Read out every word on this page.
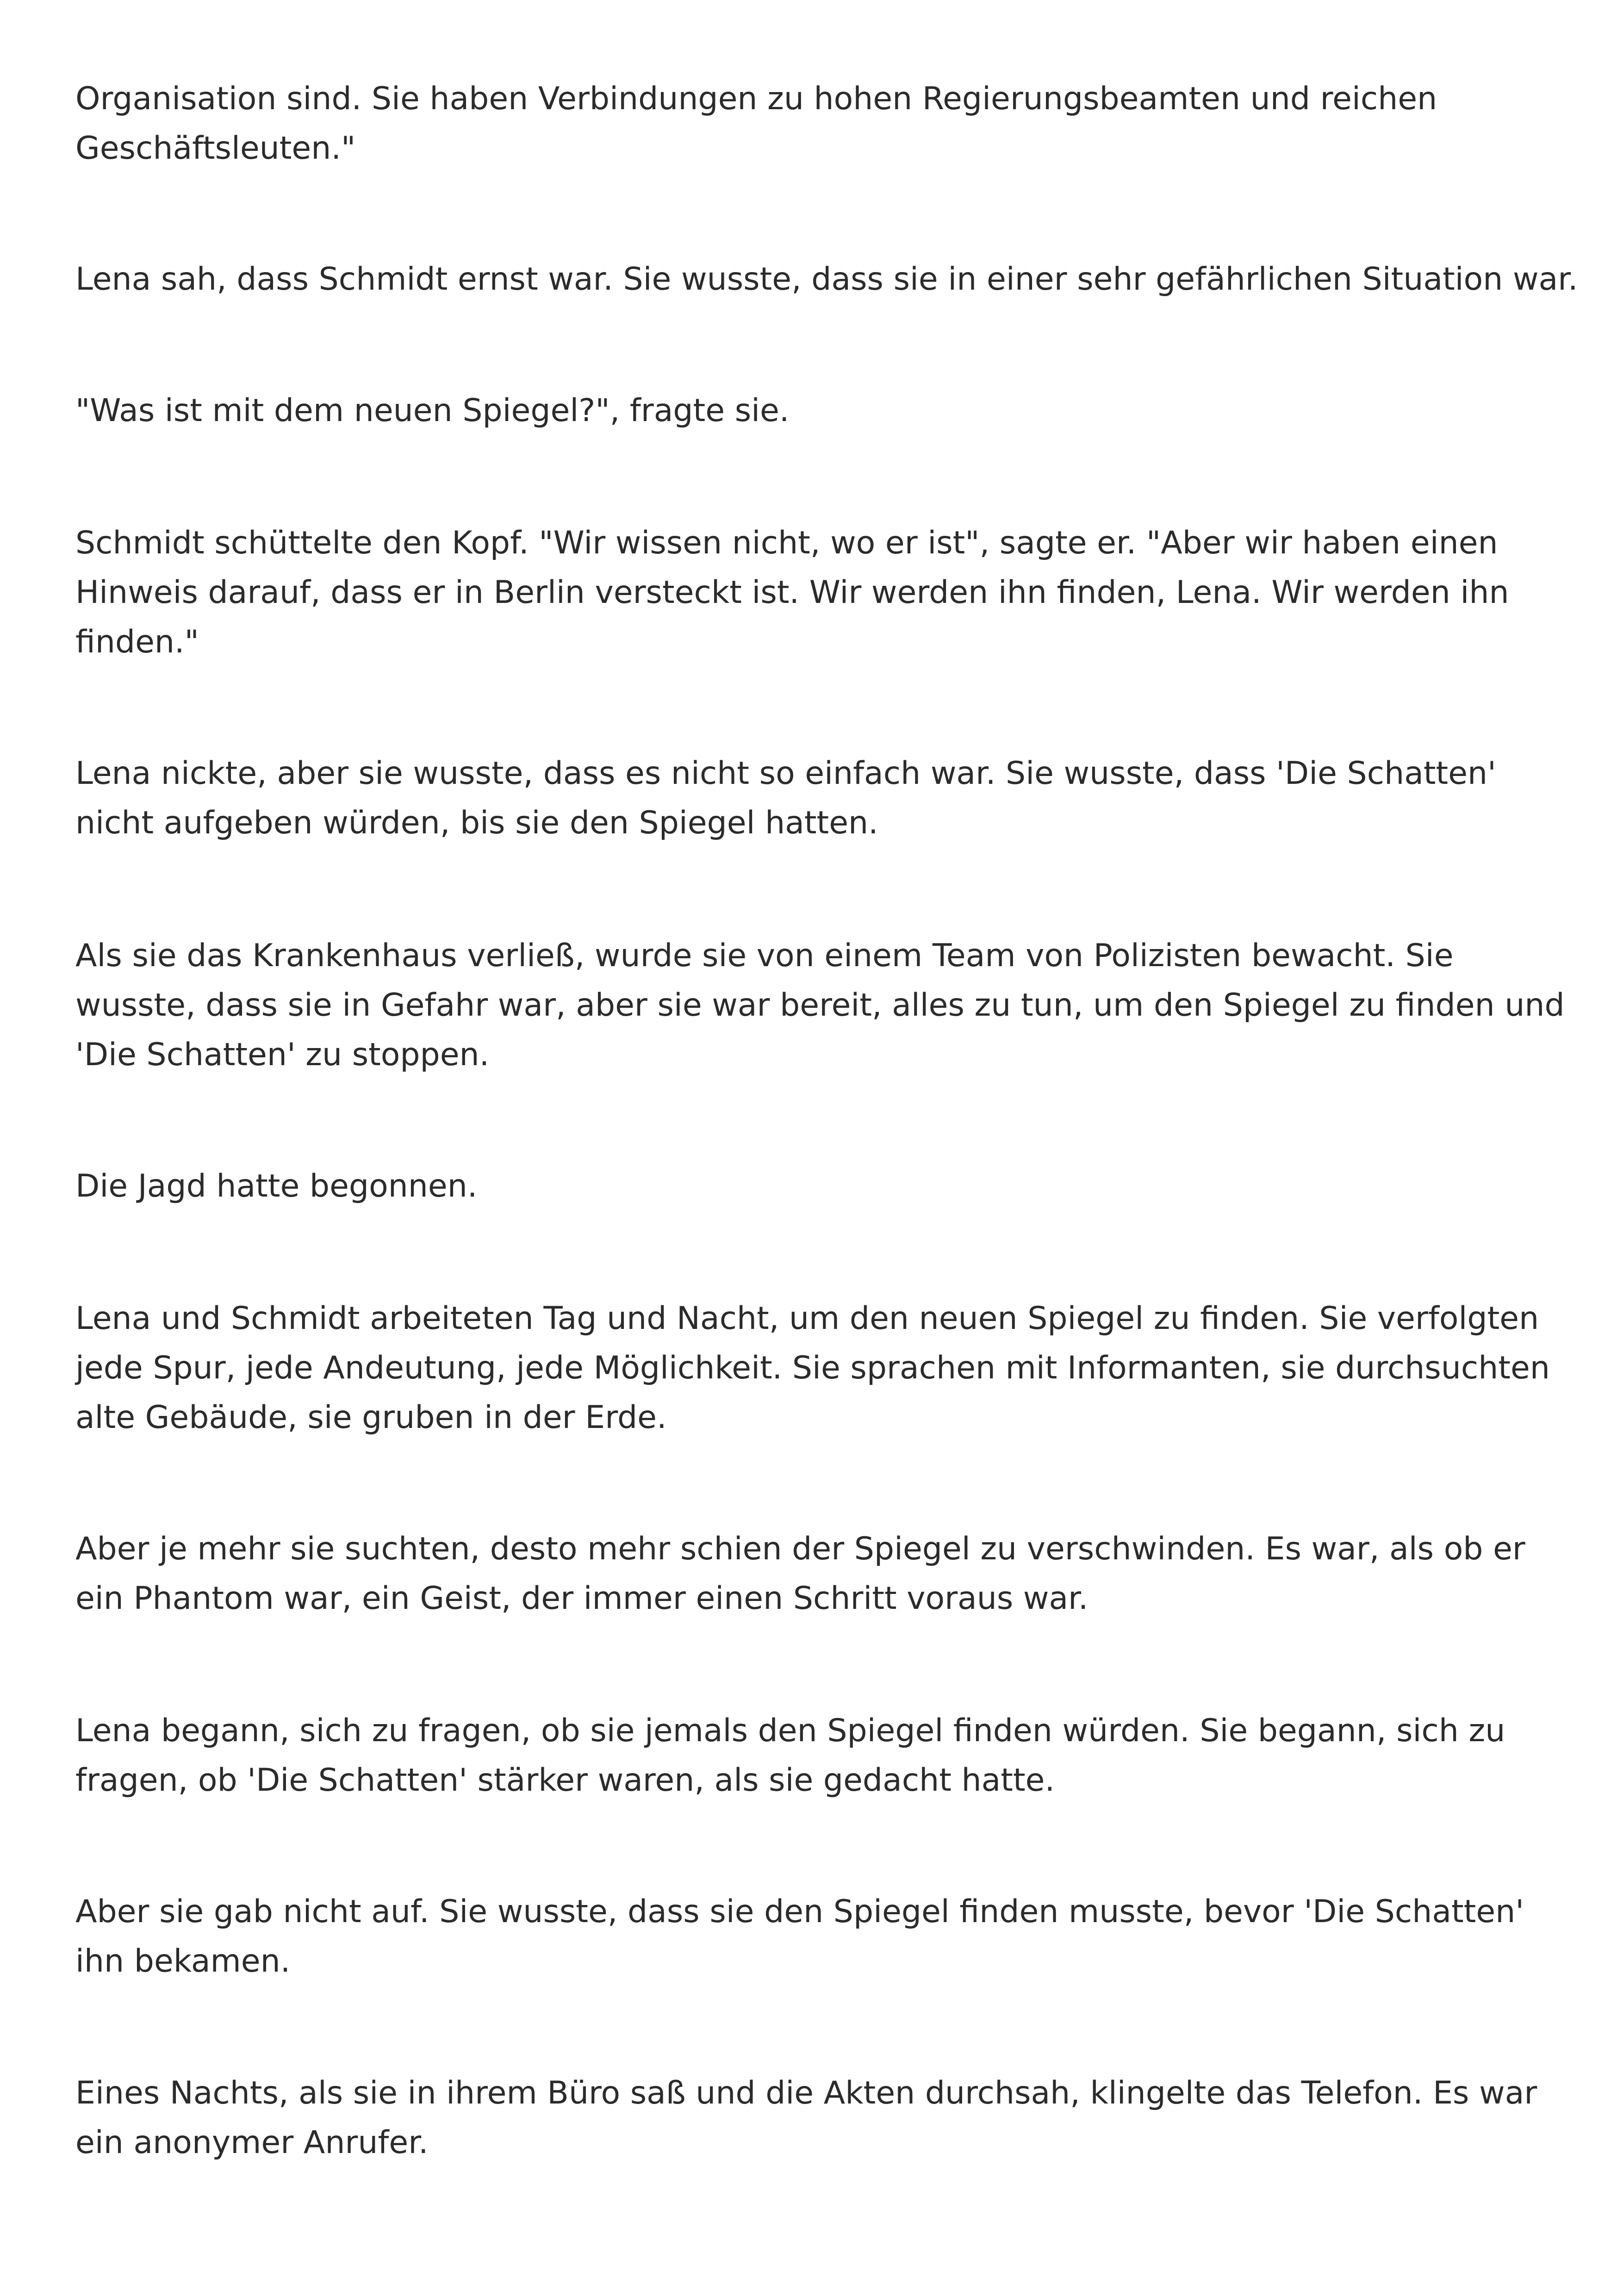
Organisation sind. Sie haben Verbindungen zu hohen Regierungsbeamten und reichen
Geschäftsleuten."

Lena sah, dass Schmidt ernst war. Sie wusste, dass sie in einer sehr gefährlichen Situation war.

"Was ist mit dem neuen Spiegel?", fragte sie.

Schmidt schüttelte den Kopf. "Wir wissen nicht, wo er ist", sagte er. "Aber wir haben einen
Hinweis darauf, dass er in Berlin versteckt ist. Wir werden ihn finden, Lena. Wir werden ihn
finden."

Lena nickte, aber sie wusste, dass es nicht so einfach war. Sie wusste, dass 'Die Schatten'
nicht aufgeben würden, bis sie den Spiegel hatten.

Als sie das Krankenhaus verließ, wurde sie von einem Team von Polizisten bewacht. Sie
wusste, dass sie in Gefahr war, aber sie war bereit, alles zu tun, um den Spiegel zu finden und
'Die Schatten' zu stoppen.

Die Jagd hatte begonnen.

Lena und Schmidt arbeiteten Tag und Nacht, um den neuen Spiegel zu finden. Sie verfolgten
jede Spur, jede Andeutung, jede Möglichkeit. Sie sprachen mit Informanten, sie durchsuchten
alte Gebäude, sie gruben in der Erde.

Aber je mehr sie suchten, desto mehr schien der Spiegel zu verschwinden. Es war, als ob er
ein Phantom war, ein Geist, der immer einen Schritt voraus war.

Lena begann, sich zu fragen, ob sie jemals den Spiegel finden würden. Sie begann, sich zu
fragen, ob 'Die Schatten' stärker waren, als sie gedacht hatte.

Aber sie gab nicht auf. Sie wusste, dass sie den Spiegel finden musste, bevor 'Die Schatten'
ihn bekamen.

Eines Nachts, als sie in ihrem Büro saß und die Akten durchsah, klingelte das Telefon. Es war
ein anonymer Anrufer.
